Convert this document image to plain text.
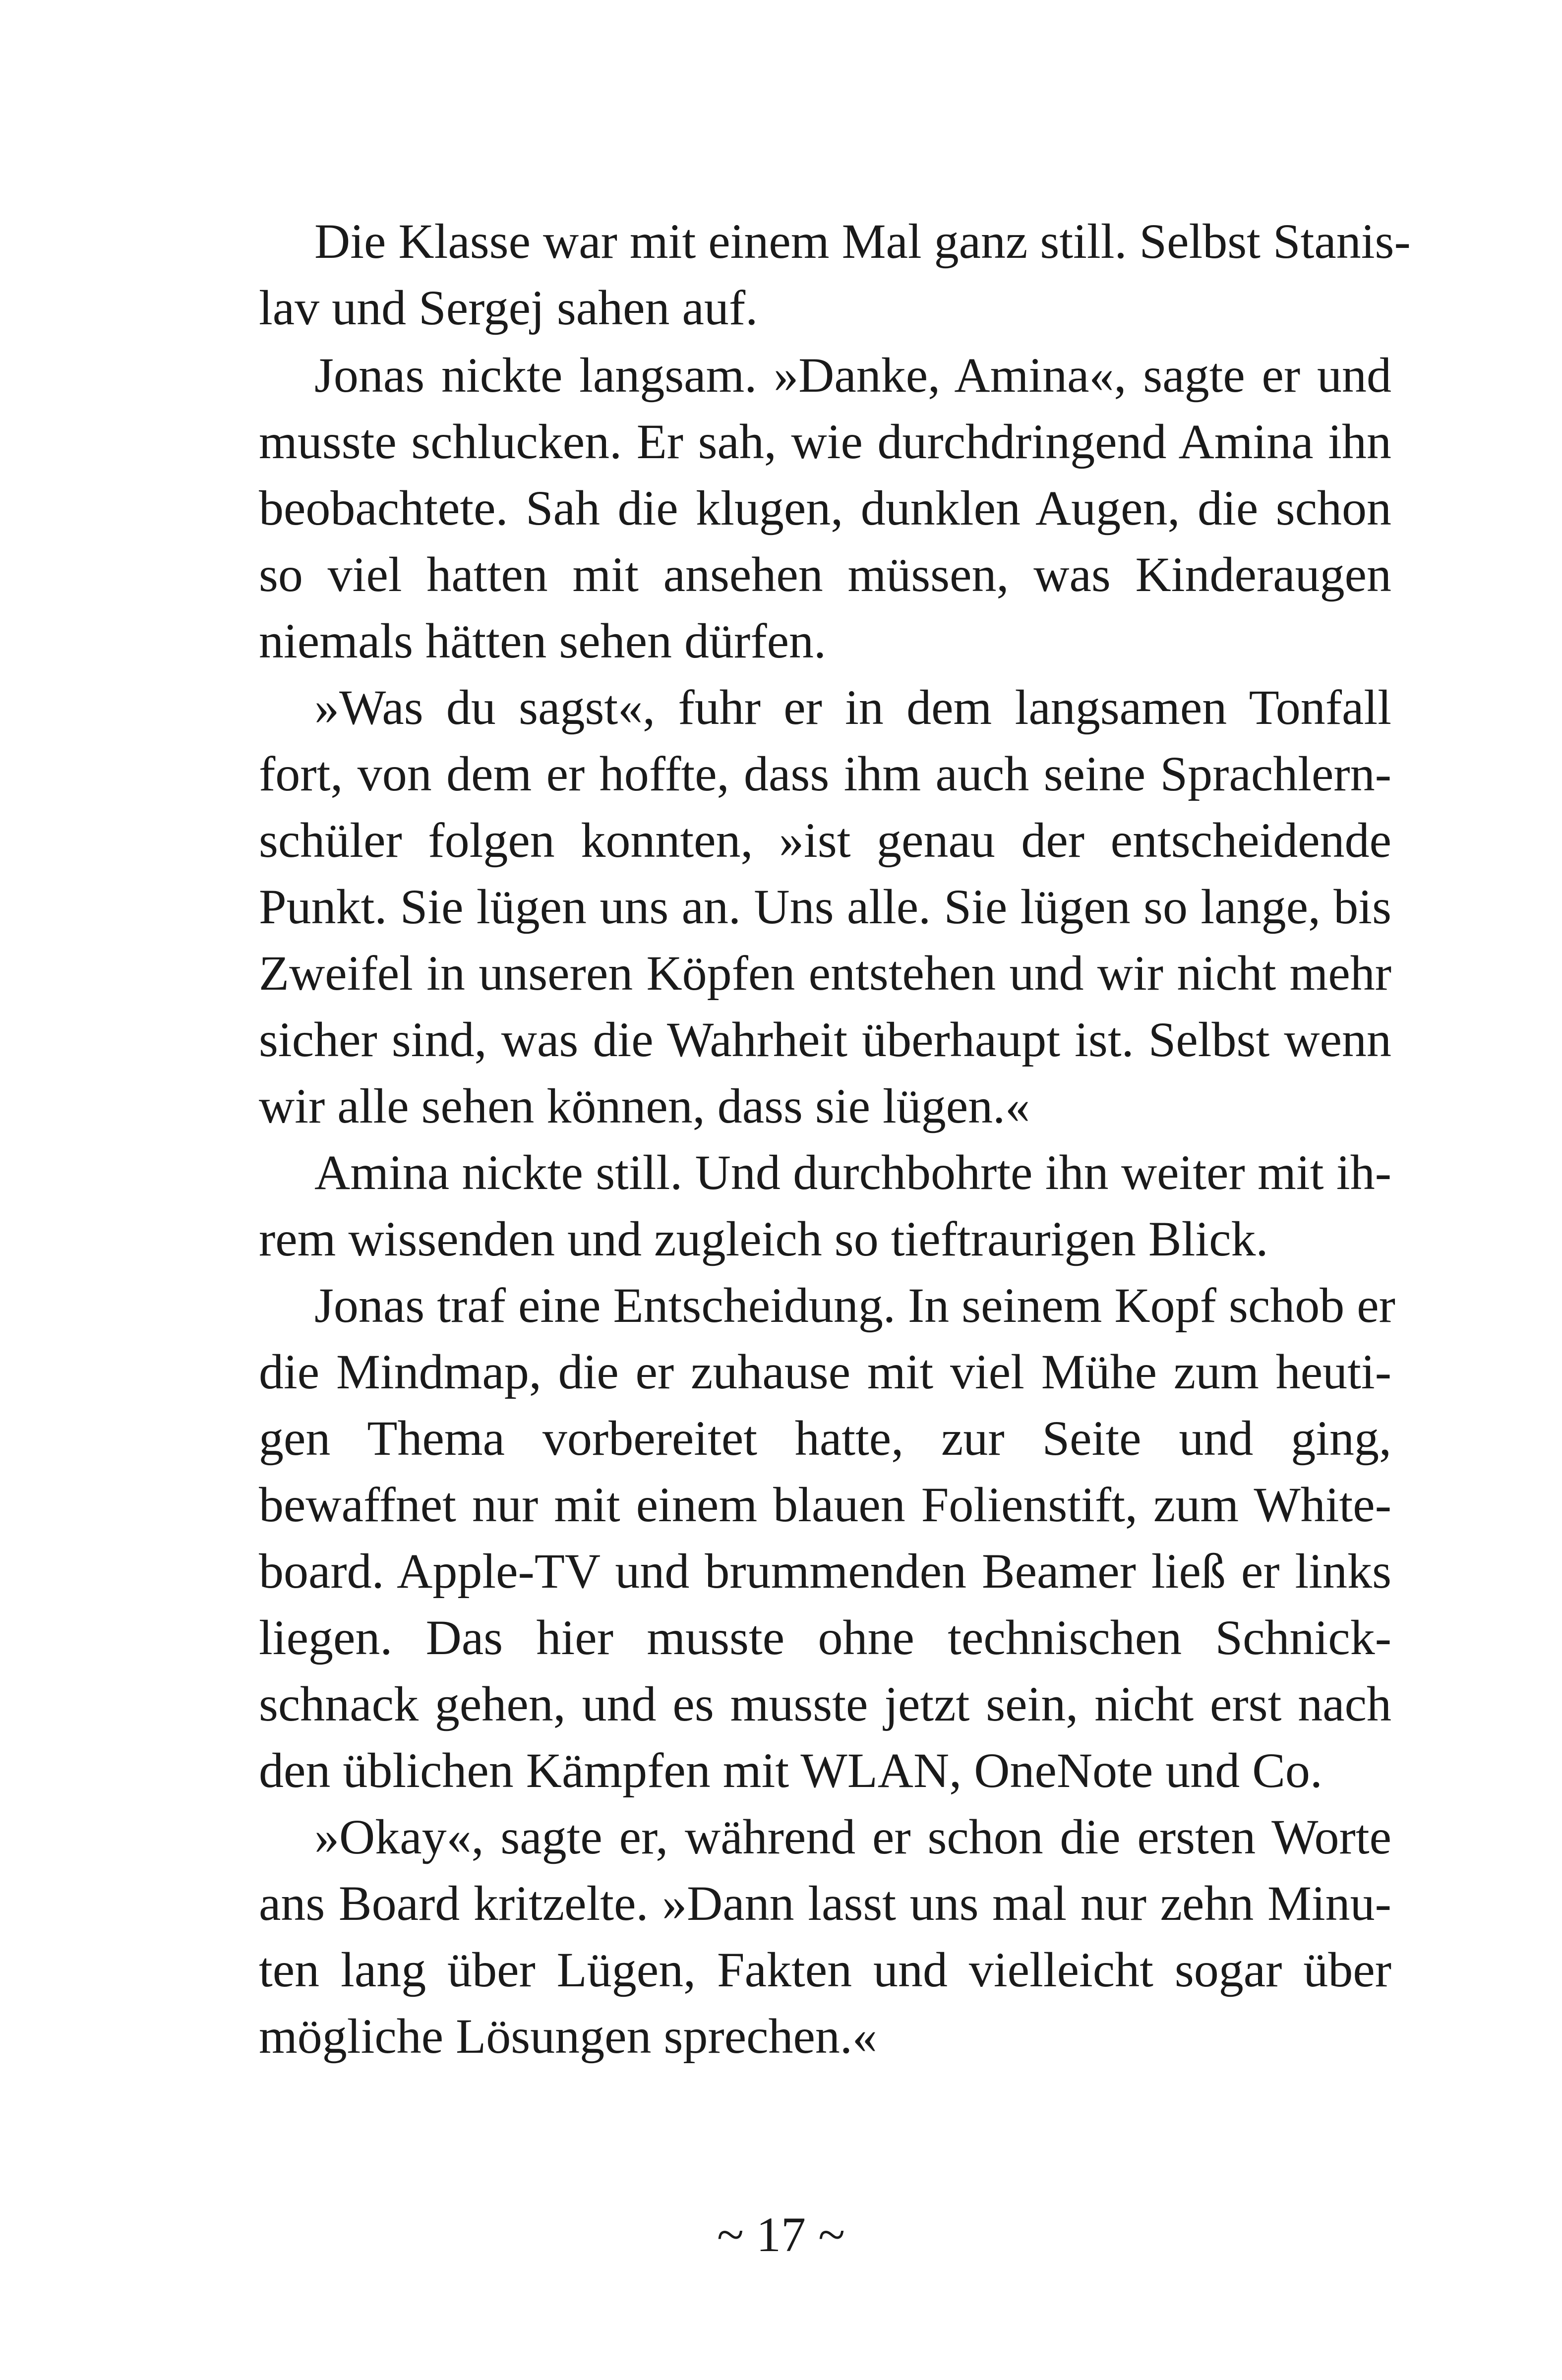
Die Klasse war mit einem Mal ganz still. Selbst Stanis-
lav und Sergej sahen auf.
Jonas nickte langsam. »Danke, Amina«, sagte er und
musste schlucken. Er sah, wie durchdringend Amina ihn
beobachtete. Sah die klugen, dunklen Augen, die schon
so viel hatten mit ansehen müssen, was Kinderaugen
niemals hätten sehen dürfen.
»Was du sagst«, fuhr er in dem langsamen Tonfall
fort, von dem er hoffte, dass ihm auch seine Sprachlern-
schüler folgen konnten, »ist genau der entscheidende
Punkt. Sie lügen uns an. Uns alle. Sie lügen so lange, bis
Zweifel in unseren Köpfen entstehen und wir nicht mehr
sicher sind, was die Wahrheit überhaupt ist. Selbst wenn
wir alle sehen können, dass sie lügen.«
Amina nickte still. Und durchbohrte ihn weiter mit ih-
rem wissenden und zugleich so tieftraurigen Blick.
Jonas traf eine Entscheidung. In seinem Kopf schob er
die Mindmap, die er zuhause mit viel Mühe zum heuti-
gen Thema vorbereitet hatte, zur Seite und ging,
bewaffnet nur mit einem blauen Folienstift, zum White-
board. Apple-TV und brummenden Beamer ließ er links
liegen. Das hier musste ohne technischen Schnick-
schnack gehen, und es musste jetzt sein, nicht erst nach
den üblichen Kämpfen mit WLAN, OneNote und Co.
»Okay«, sagte er, während er schon die ersten Worte
ans Board kritzelte. »Dann lasst uns mal nur zehn Minu-
ten lang über Lügen, Fakten und vielleicht sogar über
mögliche Lösungen sprechen.«
~ 17 ~
